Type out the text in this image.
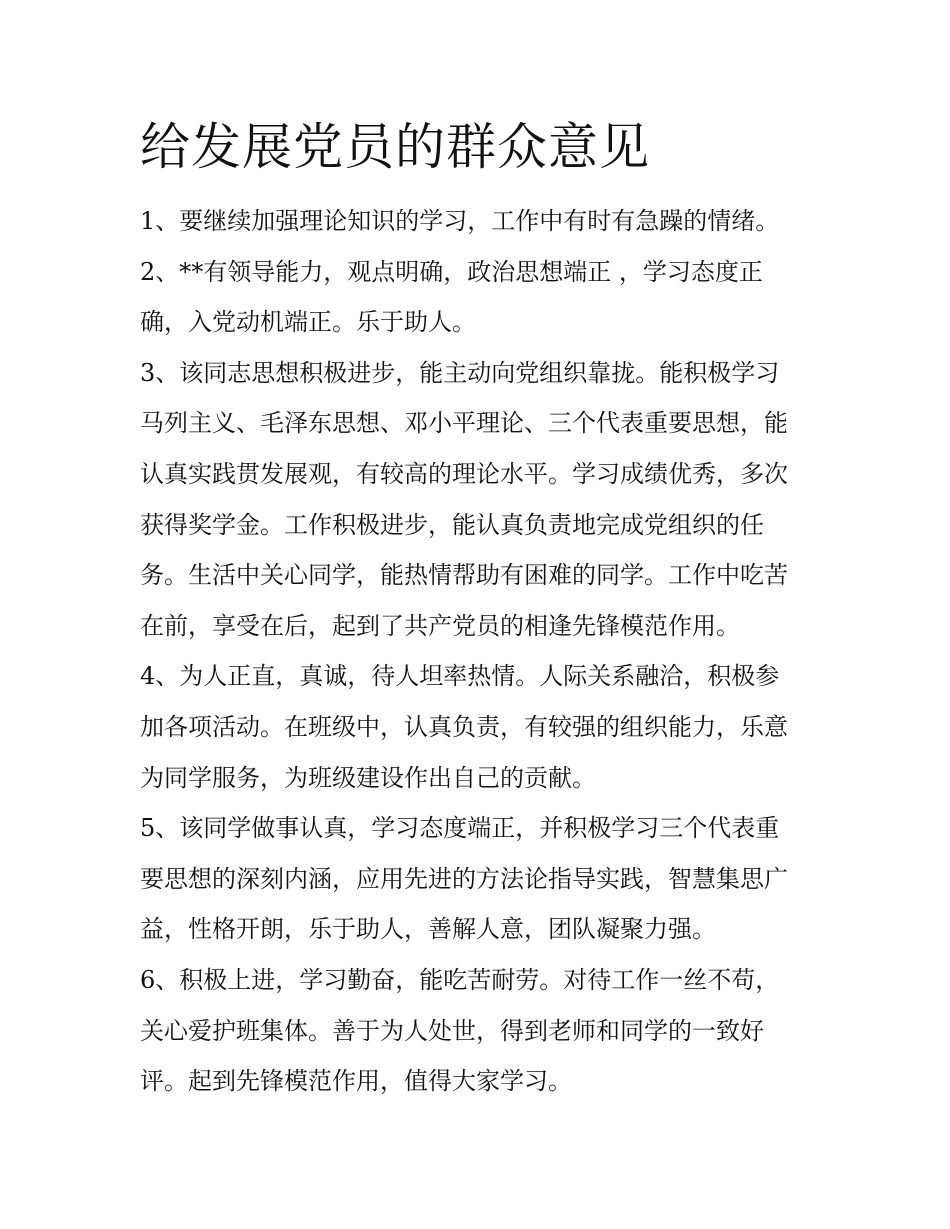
给发展党员的群众意见

1、要继续加强理论知识的学习，工作中有时有急躁的情绪。

2、**有领导能力，观点明确，政治思想端正 ，学习态度正
确，入党动机端正。乐于助人。

3、该同志思想积极进步，能主动向党组织靠拢。能积极学习
马列主义、毛泽东思想、邓小平理论、三个代表重要思想，能
认真实践贯发展观，有较高的理论水平。学习成绩优秀，多次
获得奖学金。工作积极进步，能认真负责地完成党组织的任
务。生活中关心同学，能热情帮助有困难的同学。工作中吃苦
在前，享受在后，起到了共产党员的相逢先锋模范作用。

4、为人正直，真诚，待人坦率热情。人际关系融洽，积极参
加各项活动。在班级中，认真负责，有较强的组织能力，乐意
为同学服务，为班级建设作出自己的贡献。

5、该同学做事认真，学习态度端正，并积极学习三个代表重
要思想的深刻内涵，应用先进的方法论指导实践，智慧集思广
益，性格开朗，乐于助人，善解人意，团队凝聚力强。

6、积极上进，学习勤奋，能吃苦耐劳。对待工作一丝不苟，
关心爱护班集体。善于为人处世，得到老师和同学的一致好
评。起到先锋模范作用，值得大家学习。
